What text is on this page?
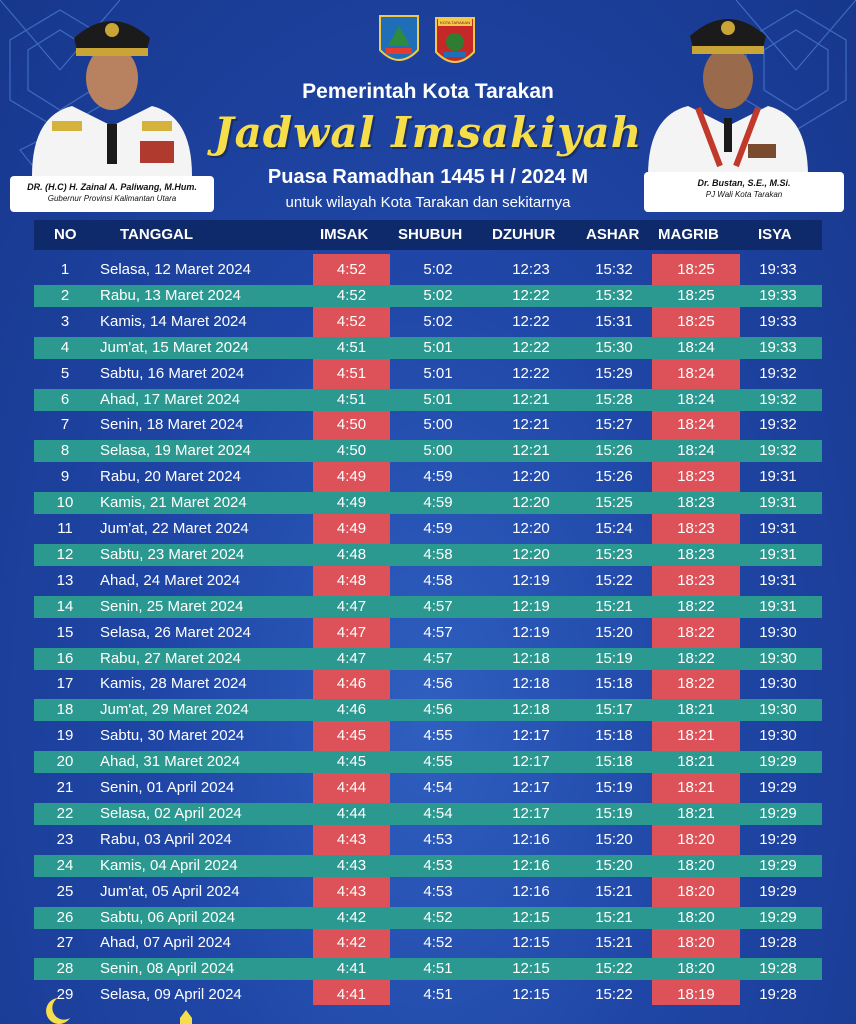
DR. (H.C) H. Zainal A. Paliwang, M.Hum.
Gubernur Provinsi Kalimantan Utara
Dr. Bustan, S.E., M.Si.
PJ Wali Kota Tarakan
KOTA TARAKAN
Pemerintah Kota Tarakan
Jadwal Imsakiyah
Puasa Ramadhan 1445 H / 2024 M
untuk wilayah Kota Tarakan dan sekitarnya
NO	TANGGAL	IMSAK SHUBUH DZUHUR ASHAR MAGRIB	ISYA
1	Selasa, 12 Maret 2024	4:52	5:02	12:23	15:32	18:25	19:33
2	Rabu, 13 Maret 2024	4:52	5:02	12:22	15:32	18:25	19:33
3	Kamis, 14 Maret 2024	4:52	5:02	12:22	15:31	18:25	19:33
4	Jum'at, 15 Maret 2024	4:51	5:01	12:22	15:30	18:24	19:33
5	Sabtu, 16 Maret 2024	4:51	5:01	12:22	15:29	18:24	19:32
6	Ahad, 17 Maret 2024	4:51	5:01	12:21	15:28	18:24	19:32
7	Senin, 18 Maret 2024	4:50	5:00	12:21	15:27	18:24	19:32
8	Selasa, 19 Maret 2024	4:50	5:00	12:21	15:26	18:24	19:32
9	Rabu, 20 Maret 2024	4:49	4:59	12:20	15:26	18:23	19:31
10	Kamis, 21 Maret 2024	4:49	4:59	12:20	15:25	18:23	19:31
11	Jum'at, 22 Maret 2024	4:49	4:59	12:20	15:24	18:23	19:31
12	Sabtu, 23 Maret 2024	4:48	4:58	12:20	15:23	18:23	19:31
13	Ahad, 24 Maret 2024	4:48	4:58	12:19	15:22	18:23	19:31
14	Senin, 25 Maret 2024	4:47	4:57	12:19	15:21	18:22	19:31
15	Selasa, 26 Maret 2024	4:47	4:57	12:19	15:20	18:22	19:30
16	Rabu, 27 Maret 2024	4:47	4:57	12:18	15:19	18:22	19:30
17	Kamis, 28 Maret 2024	4:46	4:56	12:18	15:18	18:22	19:30
18	Jum'at, 29 Maret 2024	4:46	4:56	12:18	15:17	18:21	19:30
19	Sabtu, 30 Maret 2024	4:45	4:55	12:17	15:18	18:21	19:30
20	Ahad, 31 Maret 2024	4:45	4:55	12:17	15:18	18:21	19:29
21	Senin, 01 April 2024	4:44	4:54	12:17	15:19	18:21	19:29
22	Selasa, 02 April 2024	4:44	4:54	12:17	15:19	18:21	19:29
23	Rabu, 03 April 2024	4:43	4:53	12:16	15:20	18:20	19:29
24	Kamis, 04 April 2024	4:43	4:53	12:16	15:20	18:20	19:29
25	Jum'at, 05 April 2024	4:43	4:53	12:16	15:21	18:20	19:29
26	Sabtu, 06 April 2024	4:42	4:52	12:15	15:21	18:20	19:29
27	Ahad, 07 April 2024	4:42	4:52	12:15	15:21	18:20	19:28
28	Senin, 08 April 2024	4:41	4:51	12:15	15:22	18:20	19:28
29	Selasa, 09 April 2024	4:41	4:51	12:15	15:22	18:19	19:28
